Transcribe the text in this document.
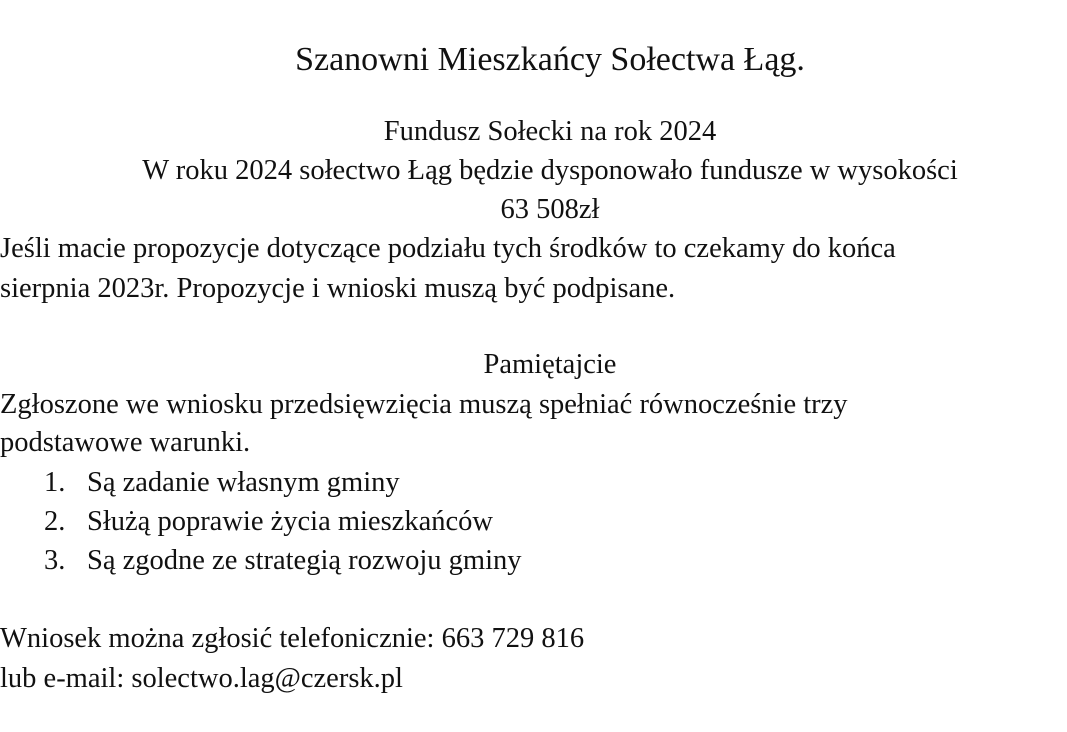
Szanowni Mieszkańcy Sołectwa Łąg.
Fundusz Sołecki na rok 2024
W roku 2024 sołectwo Łąg będzie dysponowało fundusze w wysokości
63 508zł
Jeśli macie propozycje dotyczące podziału tych środków to czekamy do końca
sierpnia 2023r. Propozycje i wnioski muszą być podpisane.
Pamiętajcie
Zgłoszone we wniosku przedsięwzięcia muszą spełniać równocześnie trzy
podstawowe warunki.
1. Są zadanie własnym gminy
2. Służą poprawie życia mieszkańców
3. Są zgodne ze strategią rozwoju gminy
Wniosek można zgłosić telefonicznie: 663 729 816
lub e-mail: solectwo.lag@czersk.pl
